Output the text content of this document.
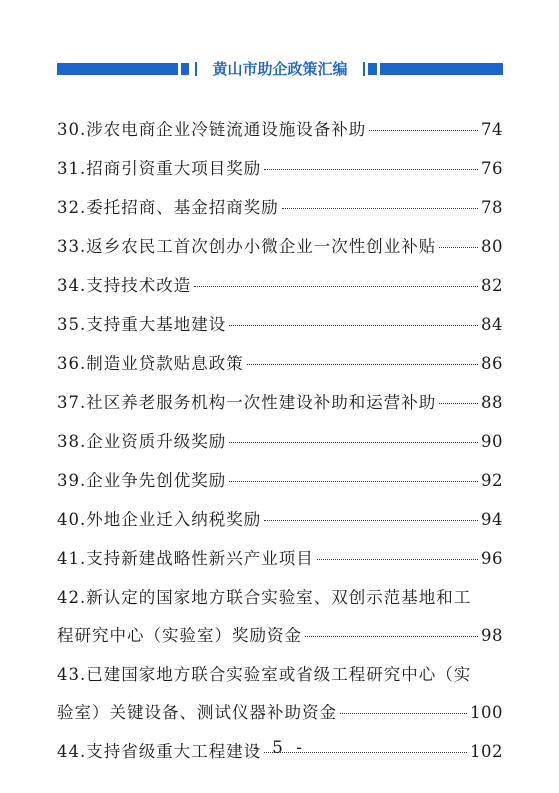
黄山市助企政策汇编
30.涉农电商企业冷链流通设施设备补助	74
31.招商引资重大项目奖励	76
32.委托招商、基金招商奖励	78
33.返乡农民工首次创办小微企业一次性创业补贴	80
34.支持技术改造	82
35.支持重大基地建设	84
36.制造业贷款贴息政策	86
37.社区养老服务机构一次性建设补助和运营补助	88
38.企业资质升级奖励	90
39.企业争先创优奖励	92
40.外地企业迁入纳税奖励	94
41.支持新建战略性新兴产业项目	96
42.新认定的国家地方联合实验室、双创示范基地和工
程研究中心（实验室）奖励资金	98
43.已建国家地方联合实验室或省级工程研究中心（实
验室）关键设备、测试仪器补助资金	100
44.支持省级重大工程建设	102
- 5 -
